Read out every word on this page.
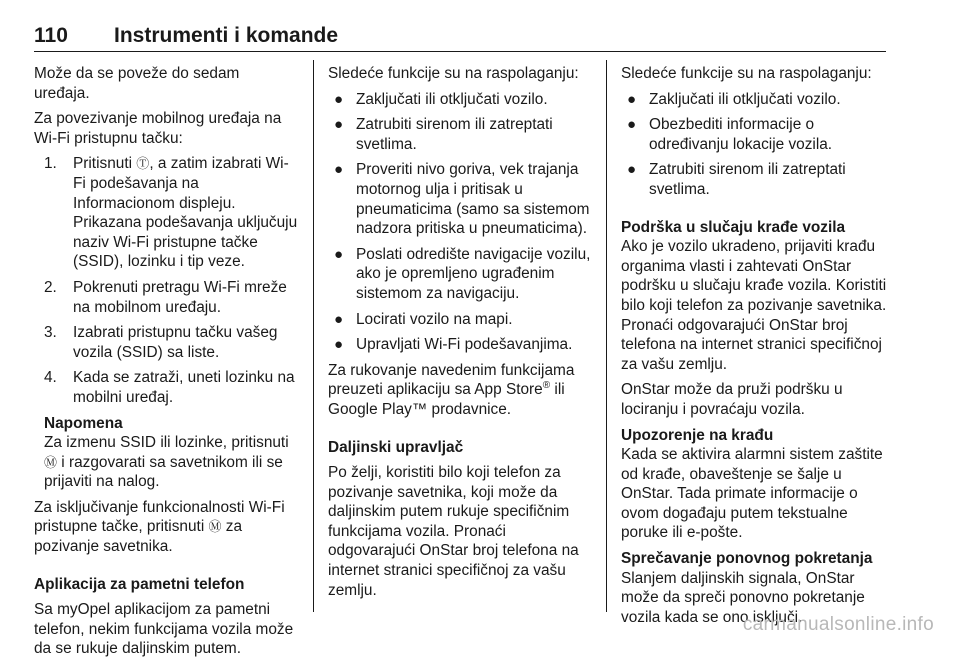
110 Instrumenti i komande

Može da se poveže do sedam uređaja.

Za povezivanje mobilnog uređaja na Wi-Fi pristupnu tačku:

1. Pritisnuti Ⓣ, a zatim izabrati Wi-Fi podešavanja na Informacionom displeju. Prikazana podešavanja uključuju naziv Wi-Fi pristupne tačke (SSID), lozinku i tip veze.
2. Pokrenuti pretragu Wi-Fi mreže na mobilnom uređaju.
3. Izabrati pristupnu tačku vašeg vozila (SSID) sa liste.
4. Kada se zatraži, uneti lozinku na mobilni uređaj.
Napomena
Za izmenu SSID ili lozinke, pritisnuti Ⓜ i razgovarati sa savetnikom ili se prijaviti na nalog.

Za isključivanje funkcionalnosti Wi-Fi pristupne tačke, pritisnuti Ⓜ za pozivanje savetnika.

Aplikacija za pametni telefon

Sa myOpel aplikacijom za pametni telefon, nekim funkcijama vozila može da se rukuje daljinskim putem.

Sledeće funkcije su na raspolaganju:

● Zaključati ili otključati vozilo.
● Zatrubiti sirenom ili zatreptati svetlima.
● Proveriti nivo goriva, vek trajanja motornog ulja i pritisak u pneumaticima (samo sa sistemom nadzora pritiska u pneumaticima).
● Poslati odredište navigacije vozilu, ako je opremljeno ugrađenim sistemom za navigaciju.
● Locirati vozilo na mapi.
● Upravljati Wi-Fi podešavanjima.

Za rukovanje navedenim funkcijama preuzeti aplikaciju sa App Store® ili Google Play™ prodavnice.

Daljinski upravljač

Po želji, koristiti bilo koji telefon za pozivanje savetnika, koji može da daljinskim putem rukuje specifičnim funkcijama vozila. Pronaći odgovarajući OnStar broj telefona na internet stranici specifičnoj za vašu zemlju.

Sledeće funkcije su na raspolaganju:

● Zaključati ili otključati vozilo.
● Obezbediti informacije o određivanju lokacije vozila.
● Zatrubiti sirenom ili zatreptati svetlima.

Podrška u slučaju krađe vozila

Ako je vozilo ukradeno, prijaviti krađu organima vlasti i zahtevati OnStar podršku u slučaju krađe vozila. Koristiti bilo koji telefon za pozivanje savetnika. Pronaći odgovarajući OnStar broj telefona na internet stranici specifičnoj za vašu zemlju.

OnStar može da pruži podršku u lociranju i povraćaju vozila.

Upozorenje na krađu

Kada se aktivira alarmni sistem zaštite od krađe, obaveštenje se šalje u OnStar. Tada primate informacije o ovom događaju putem tekstualne poruke ili e-pošte.

Sprečavanje ponovnog pokretanja

Slanjem daljinskih signala, OnStar može da spreči ponovno pokretanje vozila kada se ono isključi.

carmanualsonline.info
